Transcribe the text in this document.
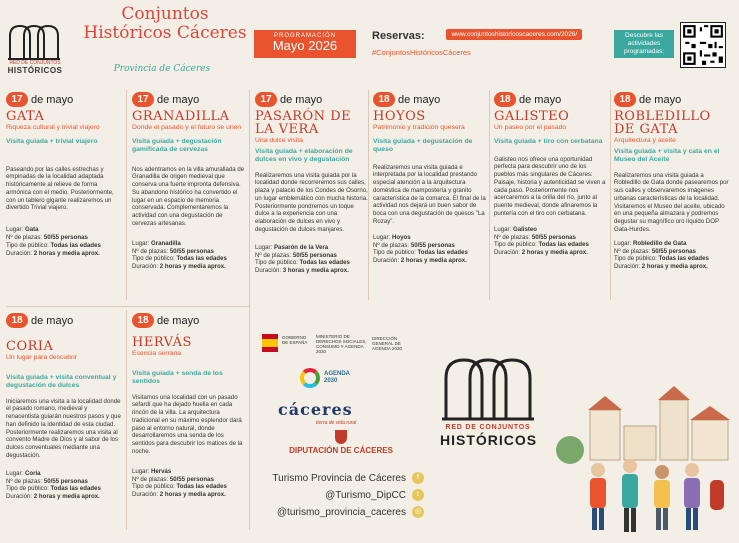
RED DE CONJUNTOS
HISTÓRICOS
Conjuntos
Históricos Cáceres
Provincia de Cáceres
PROGRAMACIÓN
Mayo 2026
Reservas:	www.conjuntoshistoricoscaceres.com/2026/
#ConjuntosHistóricosCáceres
Descubre las actividades programadas:
17 de mayo
GATA
Riqueza cultural y trivial viajero
Visita guiada + trivial viajero
Paseando por las calles estrechas y empinadas de la localidad adaptada históricamente al relieve de forma armónica con el medio. Posteriormente, con un tablero gigante realizaremos un divertido Trivial viajero.
Lugar: Gata
Nº de plazas: 50/55 personas
Tipo de público: Todas las edades
Duración: 2 horas y media aprox.
17 de mayo
GRANADILLA
Donde el pasado y el futuro se unen
Visita guiada + degustación gamificada de cervezas
Nos adentramos en la villa amurallada de Granadilla de origen medieval que conserva una fuerte impronta defensiva. Su abandono histórico ha convertido el lugar en un espacio de memoria conservada. Complementaremos la actividad con una degustación de cervezas artesanas.
Lugar: Granadilla
Nº de plazas: 50/55 personas
Tipo de público: Todas las edades
Duración: 2 horas y media aprox.
17 de mayo
PASARÓN DE LA VERA
Una dulce visita
Visita guiada + elaboración de dulces en vivo y degustación
Realizaremos una visita guiada por la localidad donde recorreremos sus calles, plaza y palacio de los Condes de Osorno, un lugar emblemático con mucha historia. Posteriormente pondremos un toque dulce a la experiencia con una elaboración de dulces en vivo y degustación de dulces manjares.
Lugar: Pasarón de la Vera
Nº de plazas: 50/55 personas
Tipo de público: Todas las edades
Duración: 3 horas y media aprox.
18 de mayo
HOYOS
Patrimonio y tradición quesera
Visita guiada + degustación de queso
Realizaremos una visita guiada e interpretada por la localidad prestando especial atención a la arquitectura doméstica de mampostería y granito característica de la comarca. El final de la actividad nos dejará un buen sabor de boca con una degustación de quesos "La Rozay".
Lugar: Hoyos
Nº de plazas: 50/55 personas
Tipo de público: Todas las edades
Duración: 2 horas y media aprox.
18 de mayo
GALISTEO
Un paseo por el pasado
Visita guiada + tiro con cerbatana
Galisteo nos ofrece una oportunidad perfecta para descubrir uno de los pueblos más singulares de Cáceres: Paisaje, historia y autenticidad se viven a cada paso. Posteriormente nos acercaremos a la orilla del río, junto al puente medieval, donde afinaremos la puntería con el tiro con cerbatana.
Lugar: Galisteo
Nº de plazas: 50/55 personas
Tipo de público: Todas las edades
Duración: 2 horas y media aprox.
18 de mayo
ROBLEDILLO DE GATA
Arquitectura y aceite
Visita guiada + visita y cata en el Museo del Aceite
Realizaremos una visita guiada a Robledillo de Gata donde pasearemos por sus calles y observaremos imágenes urbanas características de la localidad. Visitaremos el Museo del aceite, ubicado en una pequeña almazara y podremos degustar su magnífico oro líquido DOP Gata-Hurdes.
Lugar: Robledillo de Gata
Nº de plazas: 50/55 personas
Tipo de público: Todas las edades
Duración: 2 horas y media aprox.
18 de mayo
CORIA
Un lugar para descubrir
Visita guiada + visita conventual y degustación de dulces
Iniciaremos una visita a la localidad donde el pasado romano, medieval y renacentista guiarán nuestros pasos y que han definido la identidad de esta ciudad. Posteriormente realizaremos una visita al convento Madre de Dios y al sabor de los dulces conventuales mediante una degustación.
Lugar: Coria
Nº de plazas: 50/55 personas
Tipo de público: Todas las edades
Duración: 2 horas y media aprox.
18 de mayo
HERVÁS
Esencia serrana
Visita guiada + senda de los sentidos
Visitamos una localidad con un pasado sefardí que ha dejado huella en cada rincón de la villa. La arquitectura tradicional en su máximo esplendor dará paso al entorno natural, donde desarrollaremos una senda de los sentidos para descubrir los matices de la noche.
Lugar: Hervás
Nº de plazas: 50/55 personas
Tipo de público: Todas las edades
Duración: 2 horas y media aprox.
GOBIERNO DE ESPAÑA
MINISTERIO DE DERECHOS SOCIALES, CONSUMO Y AGENDA 2030
DIRECCIÓN GENERAL DE AGENDA 2030
AGENDA
2030
cáceres
tierra de vida rural
DIPUTACIÓN DE CÁCERES
Turismo Provincia de Cáceres	f
@Turismo_DipCC	t
@turismo_provincia_caceres	◎
RED DE CONJUNTOS
HISTÓRICOS
